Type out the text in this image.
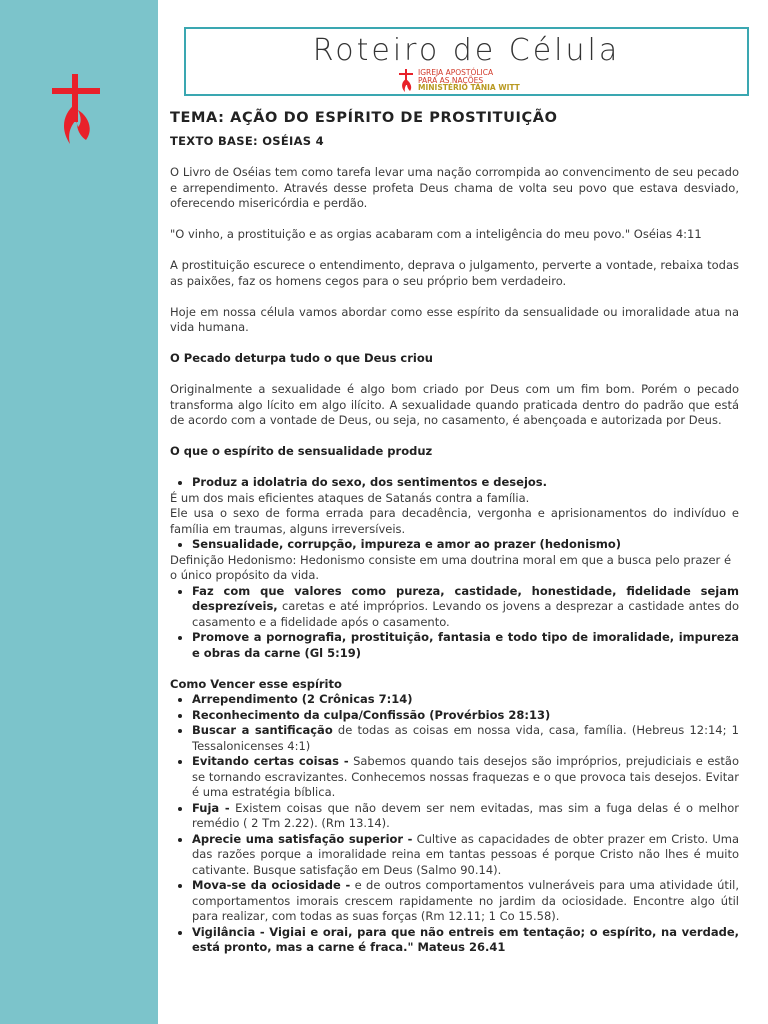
Roteiro de Célula
IGREJA APOSTÓLICA
PARA AS NAÇÕES
MINISTÉRIO TÂNIA WITT
TEMA: AÇÃO DO ESPÍRITO DE PROSTITUIÇÃO
TEXTO BASE: OSÉIAS 4

O Livro de Oséias tem como tarefa levar uma nação corrompida ao convencimento de seu pecado e arrependimento. Através desse profeta Deus chama de volta seu povo que estava desviado, oferecendo misericórdia e perdão.

"O vinho, a prostituição e as orgias acabaram com a inteligência do meu povo." Oséias 4:11

A prostituição escurece o entendimento, deprava o julgamento, perverte a vontade, rebaixa todas as paixões, faz os homens cegos para o seu próprio bem verdadeiro.

Hoje em nossa célula vamos abordar como esse espírito da sensualidade ou imoralidade atua na vida humana.

O Pecado deturpa tudo o que Deus criou

Originalmente a sexualidade é algo bom criado por Deus com um fim bom. Porém o pecado transforma algo lícito em algo ilícito. A sexualidade quando praticada dentro do padrão que está de acordo com a vontade de Deus, ou seja, no casamento, é abençoada e autorizada por Deus.

O que o espírito de sensualidade produz

• Produz a idolatria do sexo, dos sentimentos e desejos.

É um dos mais eficientes ataques de Satanás contra a família.

Ele usa o sexo de forma errada para decadência, vergonha e aprisionamentos do indivíduo e família em traumas, alguns irreversíveis.

• Sensualidade, corrupção, impureza e amor ao prazer (hedonismo)

Definição Hedonismo: Hedonismo consiste em uma doutrina moral em que a busca pelo prazer é

o único propósito da vida.

• Faz com que valores como pureza, castidade, honestidade, fidelidade sejam desprezíveis, caretas e até impróprios. Levando os jovens a desprezar a castidade antes do casamento e a fidelidade após o casamento.
• Promove a pornografia, prostituição, fantasia e todo tipo de imoralidade, impureza e obras da carne (Gl 5:19)

Como Vencer esse espírito

• Arrependimento (2 Crônicas 7:14)
• Reconhecimento da culpa/Confissão (Provérbios 28:13)
• Buscar a santificação de todas as coisas em nossa vida, casa, família. (Hebreus 12:14; 1 Tessalonicenses 4:1)
• Evitando certas coisas - Sabemos quando tais desejos são impróprios, prejudiciais e estão se tornando escravizantes. Conhecemos nossas fraquezas e o que provoca tais desejos. Evitar é uma estratégia bíblica.
• Fuja - Existem coisas que não devem ser nem evitadas, mas sim a fuga delas é o melhor remédio ( 2 Tm 2.22). (Rm 13.14).
• Aprecie uma satisfação superior - Cultive as capacidades de obter prazer em Cristo. Uma das razões porque a imoralidade reina em tantas pessoas é porque Cristo não lhes é muito cativante. Busque satisfação em Deus (Salmo 90.14).
• Mova-se da ociosidade - e de outros comportamentos vulneráveis para uma atividade útil, comportamentos imorais crescem rapidamente no jardim da ociosidade. Encontre algo útil para realizar, com todas as suas forças (Rm 12.11; 1 Co 15.58).
• Vigilância - Vigiai e orai, para que não entreis em tentação; o espírito, na verdade, está pronto, mas a carne é fraca." Mateus 26.41
